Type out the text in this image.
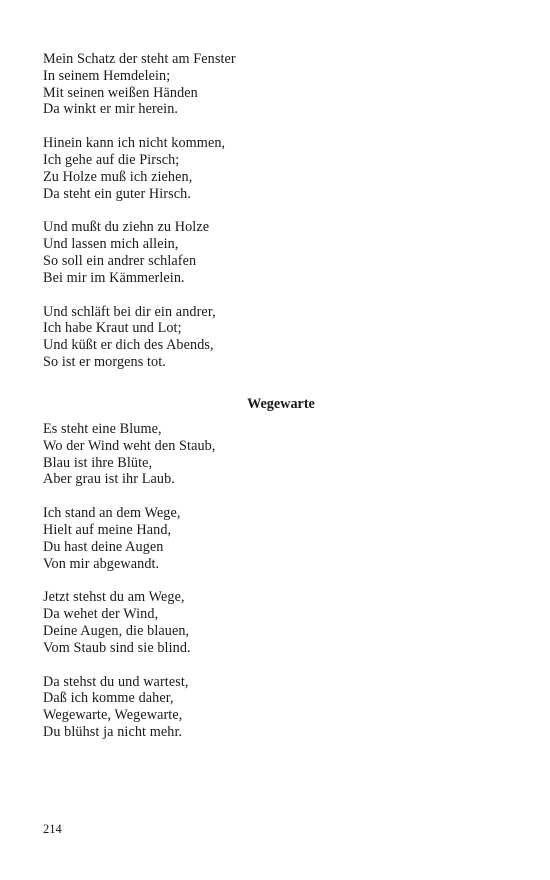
Mein Schatz der steht am Fenster
In seinem Hemdelein;
Mit seinen weißen Händen
Da winkt er mir herein.
Hinein kann ich nicht kommen,
Ich gehe auf die Pirsch;
Zu Holze muß ich ziehen,
Da steht ein guter Hirsch.
Und mußt du ziehn zu Holze
Und lassen mich allein,
So soll ein andrer schlafen
Bei mir im Kämmerlein.
Und schläft bei dir ein andrer,
Ich habe Kraut und Lot;
Und küßt er dich des Abends,
So ist er morgens tot.
Wegewarte
Es steht eine Blume,
Wo der Wind weht den Staub,
Blau ist ihre Blüte,
Aber grau ist ihr Laub.
Ich stand an dem Wege,
Hielt auf meine Hand,
Du hast deine Augen
Von mir abgewandt.
Jetzt stehst du am Wege,
Da wehet der Wind,
Deine Augen, die blauen,
Vom Staub sind sie blind.
Da stehst du und wartest,
Daß ich komme daher,
Wegewarte, Wegewarte,
Du blühst ja nicht mehr.
214
